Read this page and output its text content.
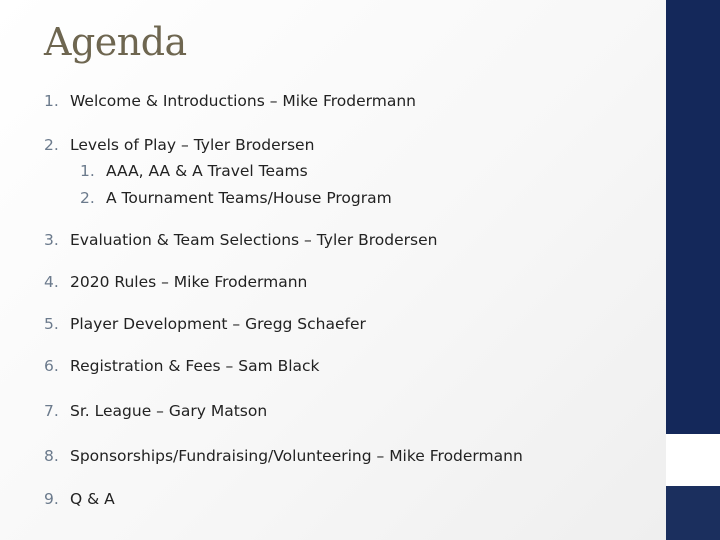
Agenda
1. Welcome & Introductions – Mike Frodermann
2. Levels of Play – Tyler Brodersen
1. AAA, AA & A Travel Teams
2. A Tournament Teams/House Program
3. Evaluation & Team Selections – Tyler Brodersen
4. 2020 Rules – Mike Frodermann
5. Player Development – Gregg Schaefer
6. Registration & Fees – Sam Black
7. Sr. League – Gary Matson
8. Sponsorships/Fundraising/Volunteering – Mike Frodermann
9. Q & A
